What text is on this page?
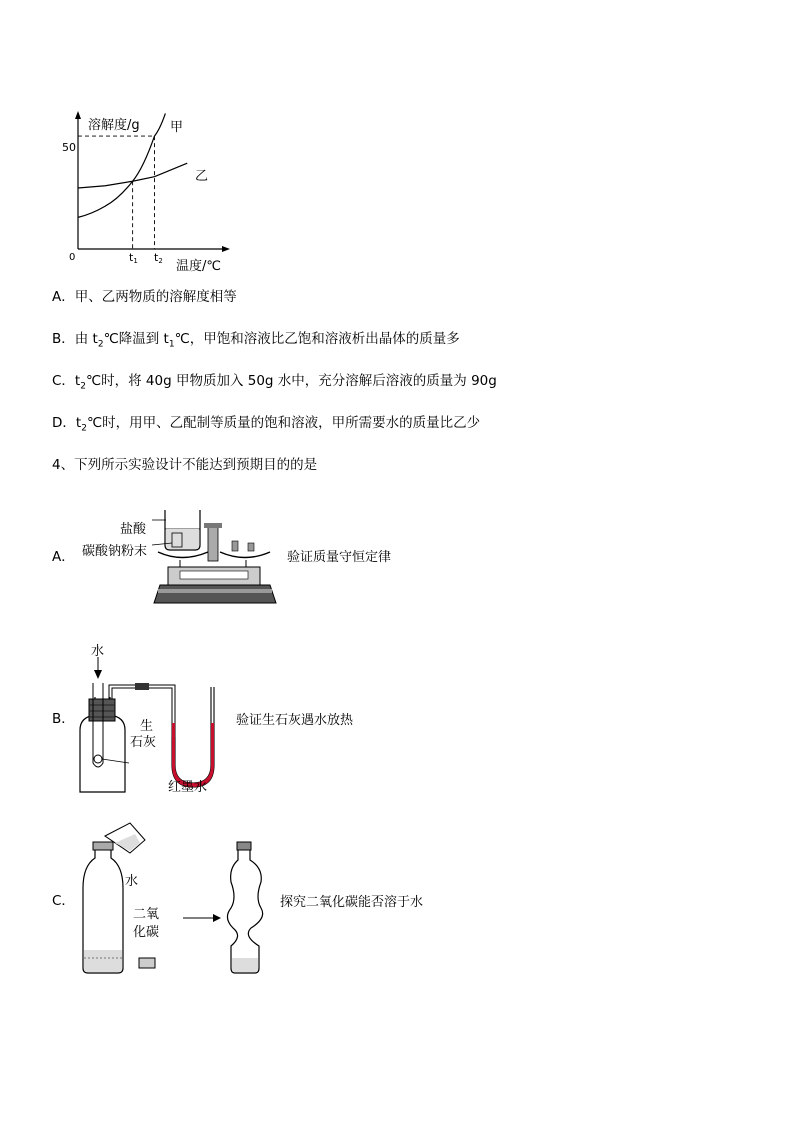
溶解度/g
50
0
甲
乙
t1 t2 温度/℃
A．甲、乙两物质的溶解度相等
B．由 $t_2℃$降温到 $t_1℃$，甲饱和溶液比乙饱和溶液析出晶体的质量多
C．$t_2℃$时，将 40g 甲物质加入 50g 水中，充分溶解后溶液的质量为 90g
D．$t_2℃$时，用甲、乙配制等质量的饱和溶液，甲所需要水的质量比乙少
4、下列所示实验设计不能达到预期目的的是
A．
盐酸
碳酸钠粉末	验证质量守恒定律
B．
水
生
石灰
红墨水
验证生石灰遇水放热
C．
水
二氧
化碳
探究二氧化碳能否溶于水
